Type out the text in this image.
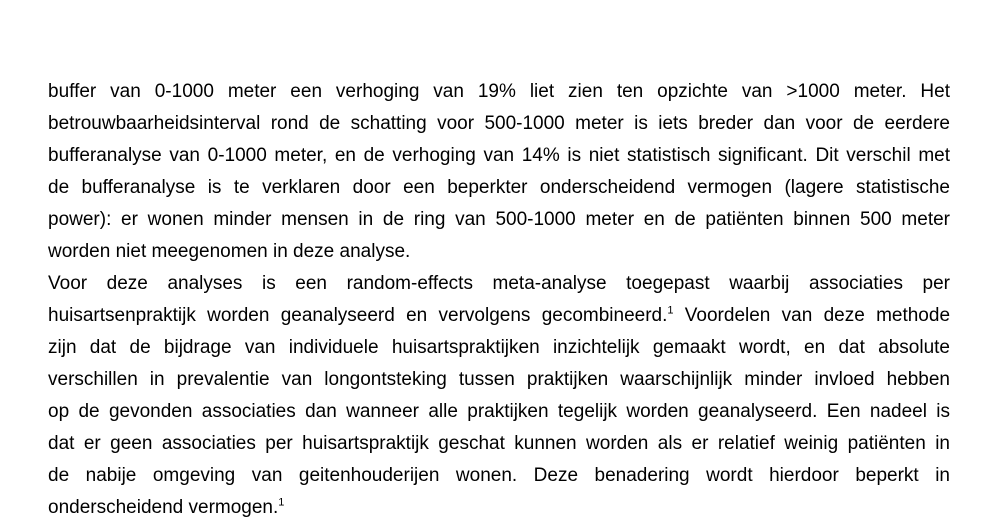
buffer van 0-1000 meter een verhoging van 19% liet zien ten opzichte van >1000 meter. Het
betrouwbaarheidsinterval rond de schatting voor 500-1000 meter is iets breder dan voor de eerdere
bufferanalyse van 0-1000 meter, en de verhoging van 14% is niet statistisch significant. Dit verschil met
de bufferanalyse is te verklaren door een beperkter onderscheidend vermogen (lagere statistische
power): er wonen minder mensen in de ring van 500-1000 meter en de patiënten binnen 500 meter
worden niet meegenomen in deze analyse.

Voor deze analyses is een random-effects meta-analyse toegepast waarbij associaties per
huisartsenpraktijk worden geanalyseerd en vervolgens gecombineerd.$^1$ Voordelen van deze methode
zijn dat de bijdrage van individuele huisartspraktijken inzichtelijk gemaakt wordt, en dat absolute
verschillen in prevalentie van longontsteking tussen praktijken waarschijnlijk minder invloed hebben
op de gevonden associaties dan wanneer alle praktijken tegelijk worden geanalyseerd. Een nadeel is
dat er geen associaties per huisartspraktijk geschat kunnen worden als er relatief weinig patiënten in
de nabije omgeving van geitenhouderijen wonen. Deze benadering wordt hierdoor beperkt in
onderscheidend vermogen.$^1$
